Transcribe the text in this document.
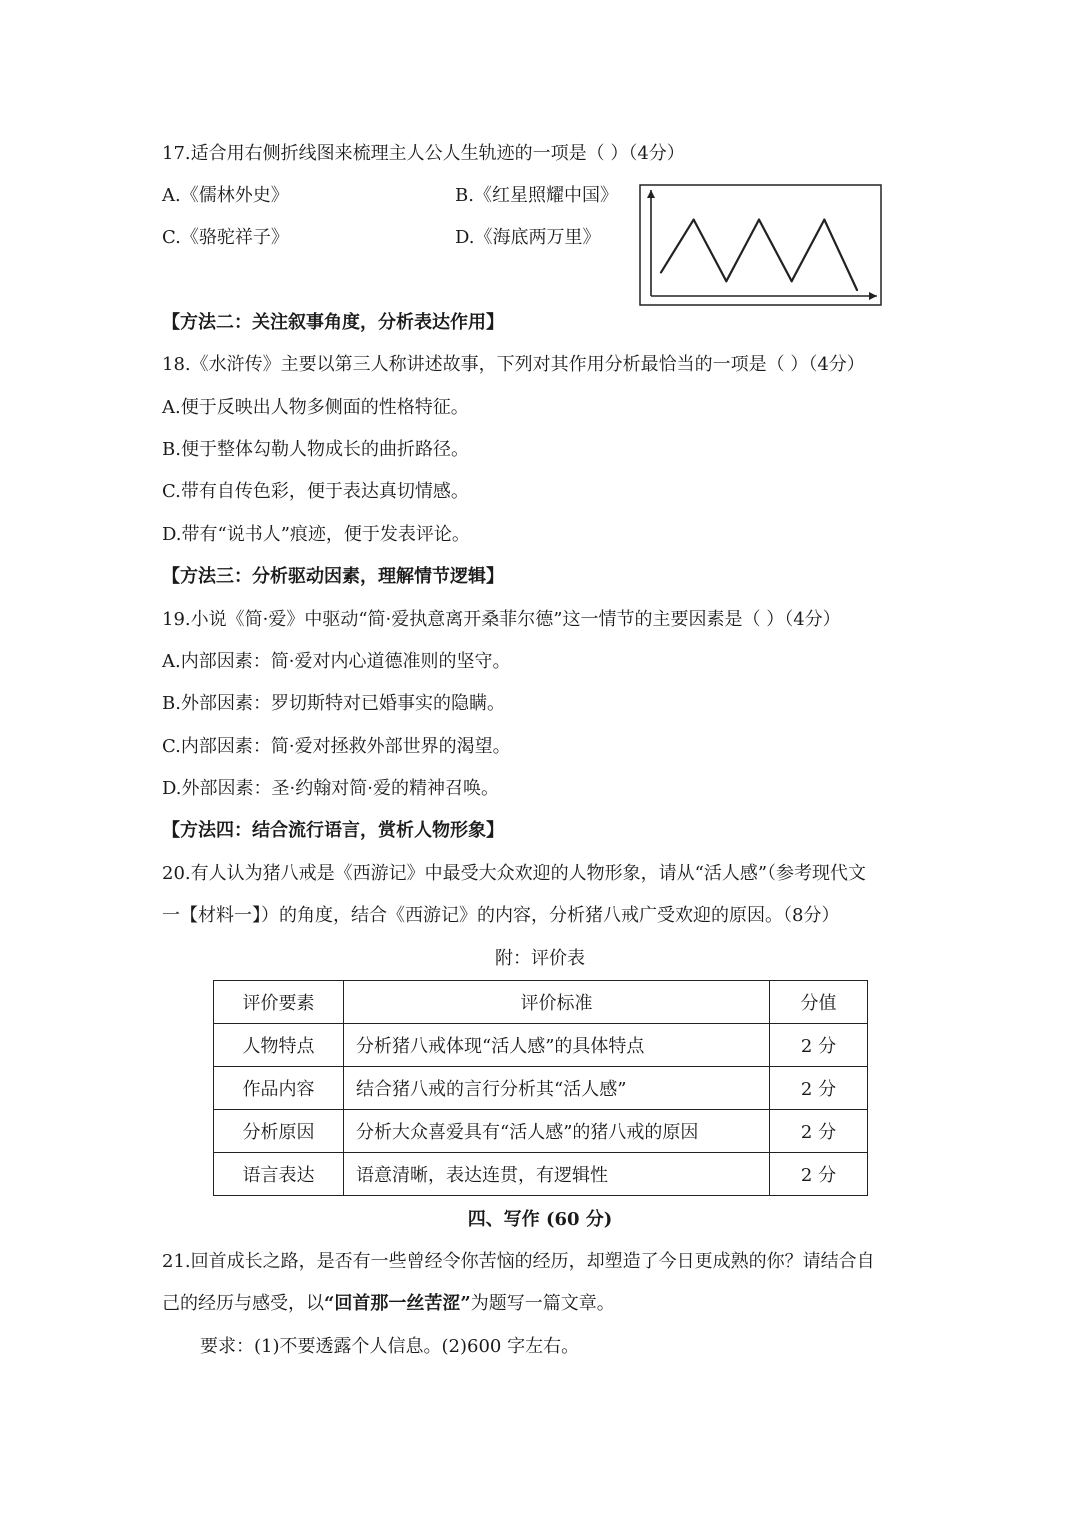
17.适合用右侧折线图来梳理主人公人生轨迹的一项是（ ）（4分）
A.《儒林外史》	B.《红星照耀中国》
C.《骆驼祥子》	D.《海底两万里》
【方法二：关注叙事角度，分析表达作用】
18.《水浒传》主要以第三人称讲述故事，下列对其作用分析最恰当的一项是（ ）（4分）
A.便于反映出人物多侧面的性格特征。
B.便于整体勾勒人物成长的曲折路径。
C.带有自传色彩，便于表达真切情感。
D.带有“说书人”痕迹，便于发表评论。
【方法三：分析驱动因素，理解情节逻辑】
19.小说《简·爱》中驱动“简·爱执意离开桑菲尔德”这一情节的主要因素是（ ）（4分）
A.内部因素：简·爱对内心道德准则的坚守。
B.外部因素：罗切斯特对已婚事实的隐瞒。
C.内部因素：简·爱对拯救外部世界的渴望。
D.外部因素：圣·约翰对简·爱的精神召唤。
【方法四：结合流行语言，赏析人物形象】
20.有人认为猪八戒是《西游记》中最受大众欢迎的人物形象，请从“活人感”（参考现代文
一【材料一】）的角度，结合《西游记》的内容，分析猪八戒广受欢迎的原因。（8分）
附：评价表
评价要素	评价标准	分值
人物特点	分析猪八戒体现“活人感”的具体特点	2 分
作品内容	结合猪八戒的言行分析其“活人感”	2 分
分析原因	分析大众喜爱具有“活人感”的猪八戒的原因	2 分
语言表达	语意清晰，表达连贯，有逻辑性	2 分
四、写作 (60 分)
21.回首成长之路，是否有一些曾经令你苦恼的经历，却塑造了今日更成熟的你？请结合自
己的经历与感受，以“回首那一丝苦涩”为题写一篇文章。
要求：(1)不要透露个人信息。(2)600 字左右。
